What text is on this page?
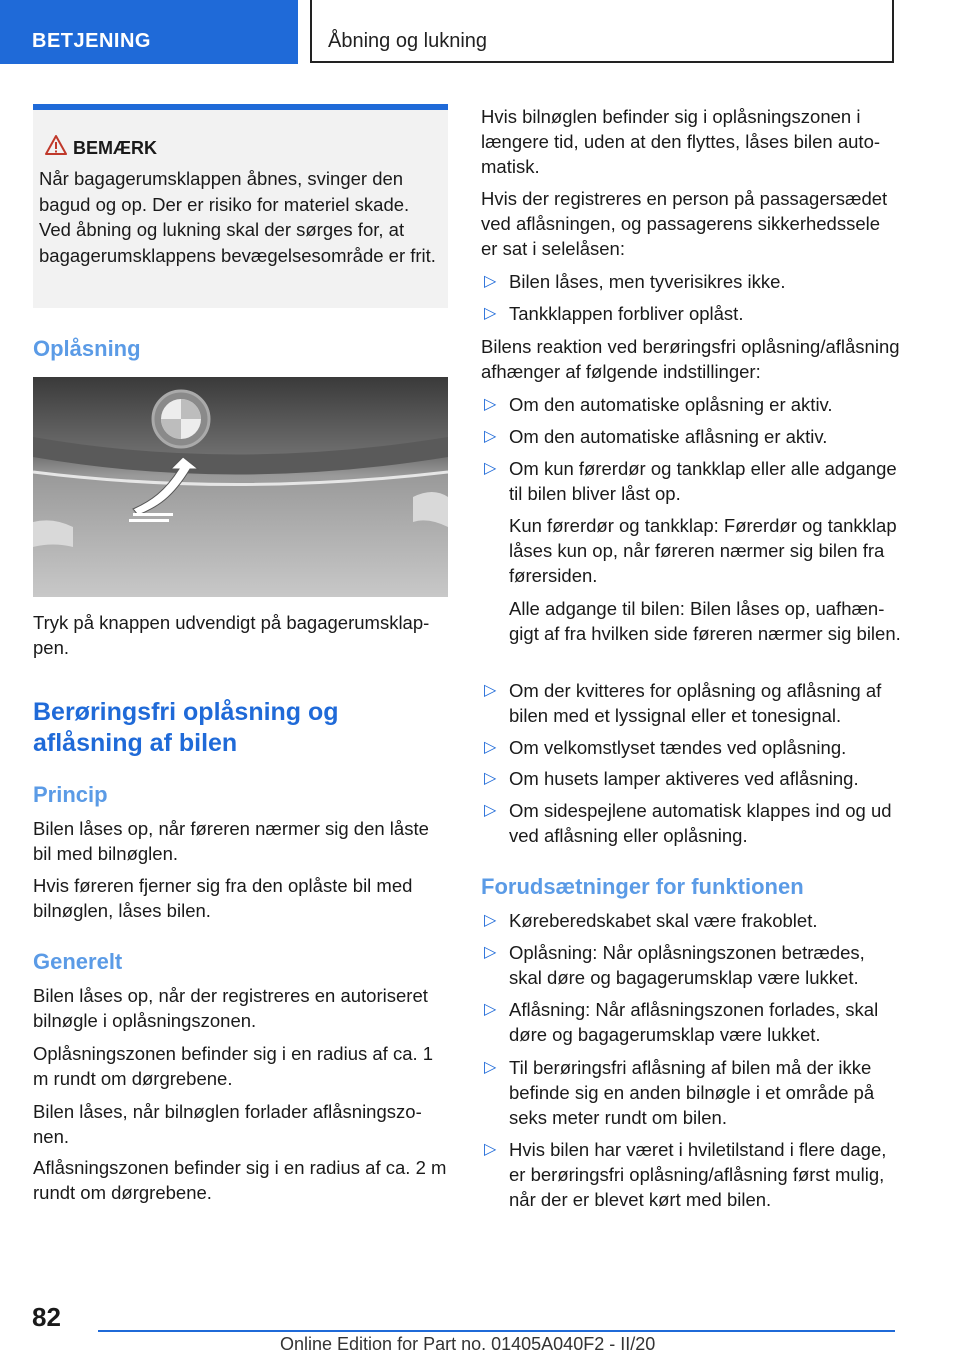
BETJENING	Åbning og lukning
BEMÆRK
Når bagagerumsklappen åbnes, svinger den bagud og op. Der er risiko for materiel skade. Ved åbning og lukning skal der sørges for, at bagagerumsklappens bevægelsesområde er frit.
Oplåsning

Tryk på knappen udvendigt på bagagerumsklappen.

Berøringsfri oplåsning og aflåsning af bilen
Princip

Bilen låses op, når føreren nærmer sig den låste bil med bilnøglen.

Hvis føreren fjerner sig fra den oplåste bil med bilnøglen, låses bilen.

Generelt

Bilen låses op, når der registreres en autoriseret bilnøgle i oplåsningszonen.

Oplåsningszonen befinder sig i en radius af ca. 1 m rundt om dørgrebene.

Bilen låses, når bilnøglen forlader aflåsningszonen.

Aflåsningszonen befinder sig i en radius af ca. 2 m rundt om dørgrebene.

Hvis bilnøglen befinder sig i oplåsningszonen i længere tid, uden at den flyttes, låses bilen automatisk.

Hvis der registreres en person på passagersædet ved aflåsningen, og passagerens sikkerhedssele er sat i selelåsen:

▷ Bilen låses, men tyverisikres ikke.
▷ Tankklappen forbliver oplåst.

Bilens reaktion ved berøringsfri oplåsning/aflåsning afhænger af følgende indstillinger:

▷ Om den automatiske oplåsning er aktiv.
▷ Om den automatiske aflåsning er aktiv.
▷ Om kun førerdør og tankklap eller alle adgange til bilen bliver låst op.

Kun førerdør og tankklap: Førerdør og tankklap låses kun op, når føreren nærmer sig bilen fra førersiden.

Alle adgange til bilen: Bilen låses op, uafhængigt af fra hvilken side føreren nærmer sig bilen.

▷ Om der kvitteres for oplåsning og aflåsning af bilen med et lyssignal eller et tonesignal.
▷ Om velkomstlyset tændes ved oplåsning.
▷ Om husets lamper aktiveres ved aflåsning.
▷ Om sidespejlene automatisk klappes ind og ud ved aflåsning eller oplåsning.
Forudsætninger for funktionen
▷ Køreberedskabet skal være frakoblet.
▷ Oplåsning: Når oplåsningszonen betrædes, skal døre og bagagerumsklap være lukket.
▷ Aflåsning: Når aflåsningszonen forlades, skal døre og bagagerumsklap være lukket.
▷ Til berøringsfri aflåsning af bilen må der ikke befinde sig en anden bilnøgle i et område på seks meter rundt om bilen.
▷ Hvis bilen har været i hviletilstand i flere dage, er berøringsfri oplåsning/aflåsning først mulig, når der er blevet kørt med bilen.
82
Online Edition for Part no. 01405A040F2 - II/20
